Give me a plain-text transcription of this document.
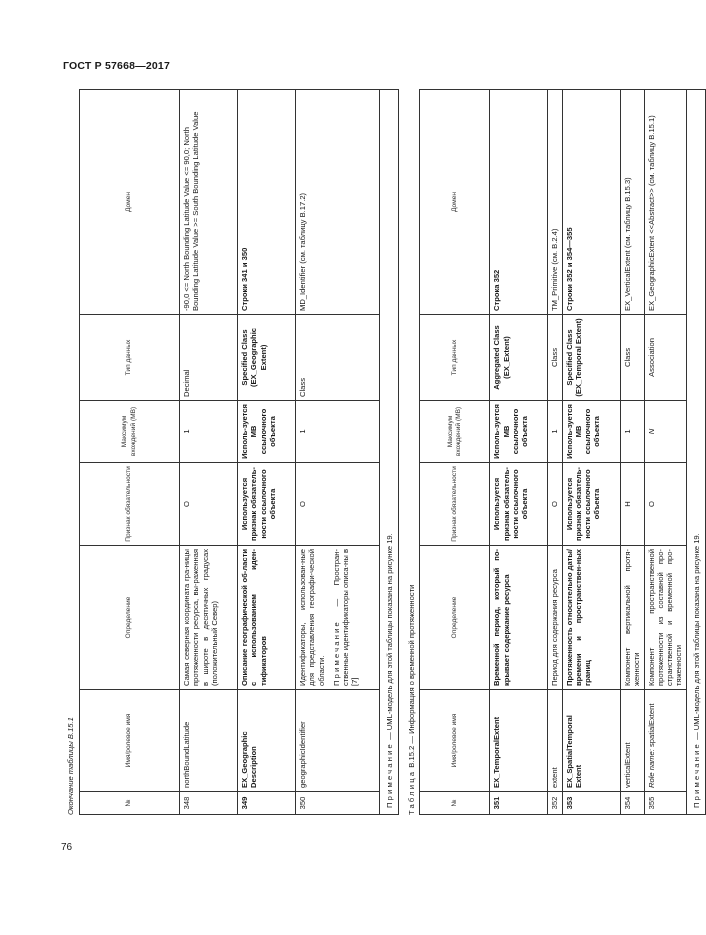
ГОСТ Р 57668—2017
76
Окончание таблицы В.15.1	№	Имя/ролевое имя	Определение	Признак обязательности	Максимум вхождений (МВ)	Тип данных	Домен
348	northBoundLatitude	Самая северная координата гра-ницы протяженности ресурса, вы-раженная в широте в десятичных градусах (положительный Север)	O	1	Decimal	-90,0 <= North Bounding Latitude Value <= 90,0; North Bounding Latitude Value >= South Bounding Latitude Value
349	EX_Geographic Description	Описание географической об-ласти с использованием иден-тификаторов	Используется признак обязатель-ности ссылочного объекта	Исполь-зуется МВ ссылочного объекта	Specified Class (EX_Geographic Extent)	Строки 341 и 350
350	geographicIdentifier	Идентификаторы, использован-ные для представления географи-ческой области. Примечание — Простран-ственные идентификаторы описа-ны в [7]	O	1	Class	MD_Identifier (см. таблицу В.17.2)

Примечание — UML-модель для этой таблицы показана на рисунке 19.						
Таблица

В.15.2 — Информация о временной протяженности
№	Имя/ролевое имя	Определение	Признак обязательности	Максимум вхождений (МВ)	Тип данных	Домен
351	EX_TemporalExtent	Временной период, который по-крывает содержание ресурса	Используется признак обязатель-ности ссылочного объекта	Исполь-зуется МВ ссылочного объекта	Aggregated Class (EX_Extent)	Строка 352
352	extent	Период для содержания ресурса	O	1	Class	TM_Primitive (см. В.2.4)
353	EX_SpatialTemporal Extent	Протяженность относительно даты/времени и пространствен-ных границ	Используется признак обязатель-ности ссылочного объекта	Исполь-зуется МВ ссылочного объекта	Specified Class (EX_Temporal Extent)	Строки 352 и 354—355
354	verticalExtent	Компонент вертикальной протя-женности	Н	1	Class	EX_VerticalExtent (см. таблицу В.15.3)
355	Role name: spatialExtent	Компонент пространственной протяженности из составной про-странственной и временной про-тяженности	O	N	Association	EX_GeographicExtent <<Abstract>> (см. таблицу В.15.1)

Примечание — UML-модель для этой таблицы показана на рисунке 19.						
